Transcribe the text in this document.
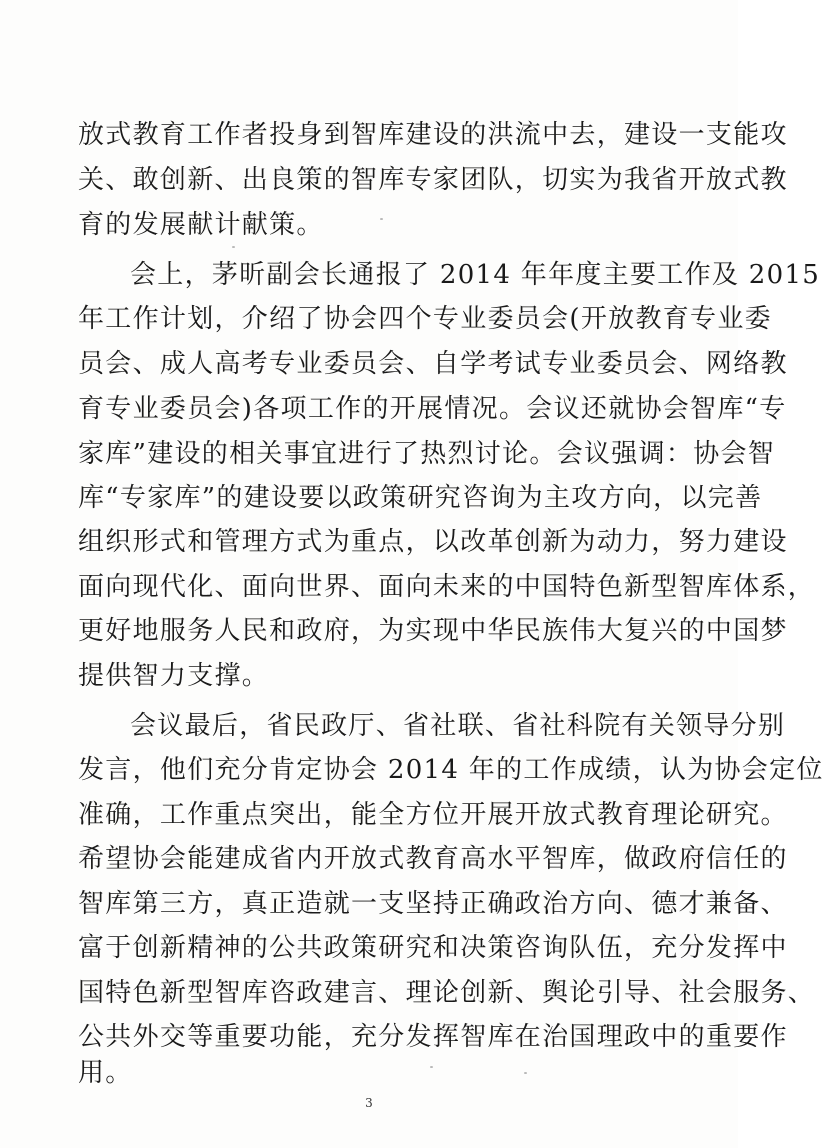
放式教育工作者投身到智库建设的洪流中去，建设一支能攻
关、敢创新、出良策的智库专家团队，切实为我省开放式教
育的发展献计献策。
会上，茅昕副会长通报了 2014 年年度主要工作及 2015
年工作计划，介绍了协会四个专业委员会(开放教育专业委
员会、成人高考专业委员会、自学考试专业委员会、网络教
育专业委员会)各项工作的开展情况。会议还就协会智库“专
家库”建设的相关事宜进行了热烈讨论。会议强调：协会智
库“专家库”的建设要以政策研究咨询为主攻方向，以完善
组织形式和管理方式为重点，以改革创新为动力，努力建设
面向现代化、面向世界、面向未来的中国特色新型智库体系，
更好地服务人民和政府，为实现中华民族伟大复兴的中国梦
提供智力支撑。
会议最后，省民政厅、省社联、省社科院有关领导分别
发言，他们充分肯定协会 2014 年的工作成绩，认为协会定位
准确，工作重点突出，能全方位开展开放式教育理论研究。
希望协会能建成省内开放式教育高水平智库，做政府信任的
智库第三方，真正造就一支坚持正确政治方向、德才兼备、
富于创新精神的公共政策研究和决策咨询队伍，充分发挥中
国特色新型智库咨政建言、理论创新、舆论引导、社会服务、
公共外交等重要功能，充分发挥智库在治国理政中的重要作
用。
3
